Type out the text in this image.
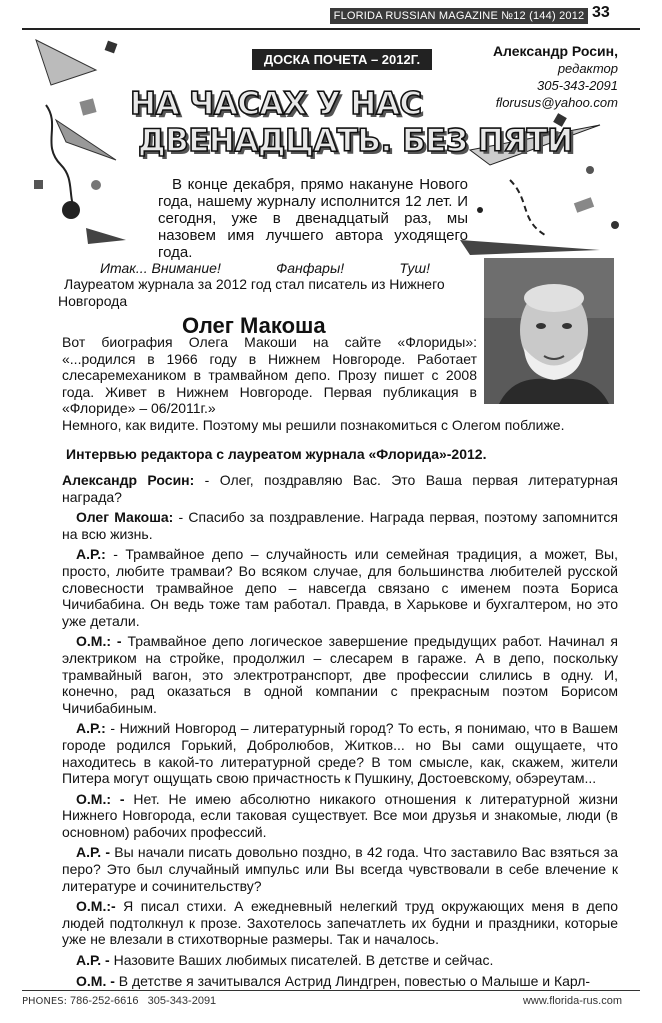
FLORIDA RUSSIAN MAGAZINE №12 (144) 2012 33
ДОСКА ПОЧЕТА – 2012Г.
Александр Росин,
редактор
305-343-2091
florusus@yahoo.com
НА ЧАСАХ У НАС
ДВЕНАДЦАТЬ. БЕЗ ПЯТИ
В конце декабря, прямо накануне Нового года, нашему журналу исполнится 12 лет. И сегодня, уже в двенадцатый раз, мы назовем имя лучшего автора уходящего года.
Итак... Внимание!	Фанфары!	Туш!
Лауреатом журнала за 2012 год стал писатель из Нижнего Новгорода
Олег Макоша
Вот биография Олега Макоши на сайте «Флориды»: «...родился в 1966 году в Нижнем Новгороде. Работает слесаремехаником в трамвайном депо. Прозу пишет с 2008 года. Живет в Нижнем Новгороде. Первая публикация в «Флориде» – 06/2011г.»
Немного, как видите. Поэтому мы решили познакомиться с Олегом поближе.
Интервью редактора с лауреатом журнала «Флорида»-2012.

Александр Росин: - Олег, поздравляю Вас. Это Ваша первая литературная награда?

Олег Макоша: - Спасибо за поздравление. Награда первая, поэтому запомнится на всю жизнь.

А.Р.: - Трамвайное депо – случайность или семейная традиция, а может, Вы, просто, любите трамваи? Во всяком случае, для большинства любителей русской словесности трамвайное депо – навсегда связано с именем поэта Бориса Чичибабина. Он ведь тоже там работал. Правда, в Харькове и бухгалтером, но это уже детали.

О.М.: - Трамвайное депо логическое завершение предыдущих работ. Начинал я электриком на стройке, продолжил – слесарем в гараже. А в депо, поскольку трамвайный вагон, это электротранспорт, две профессии слились в одну. И, конечно, рад оказаться в одной компании с прекрасным поэтом Борисом Чичибабиным.

А.Р.: - Нижний Новгород – литературный город? То есть, я понимаю, что в Вашем городе родился Горький, Добролюбов, Житков... но Вы сами ощущаете, что находитесь в какой-то литературной среде? В том смысле, как, скажем, жители Питера могут ощущать свою причастность к Пушкину, Достоевскому, обэреутам...

О.М.: - Нет. Не имею абсолютно никакого отношения к литературной жизни Нижнего Новгорода, если таковая существует. Все мои друзья и знакомые, люди (в основном) рабочих профессий.

А.Р. - Вы начали писать довольно поздно, в 42 года. Что заставило Вас взяться за перо? Это был случайный импульс или Вы всегда чувствовали в себе влечение к литературе и сочинительству?

О.М.:- Я писал стихи. А ежедневный нелегкий труд окружающих меня в депо людей подтолкнул к прозе. Захотелось запечатлеть их будни и праздники, которые уже не влезали в стихотворные размеры. Так и началось.

А.Р. - Назовите Ваших любимых писателей. В детстве и сейчас.

О.М. - В детстве я зачитывался Астрид Линдгрен, повестью о Малыше и Карл-

PHONES: 786-252-6616   305-343-2091	www.florida-rus.com
